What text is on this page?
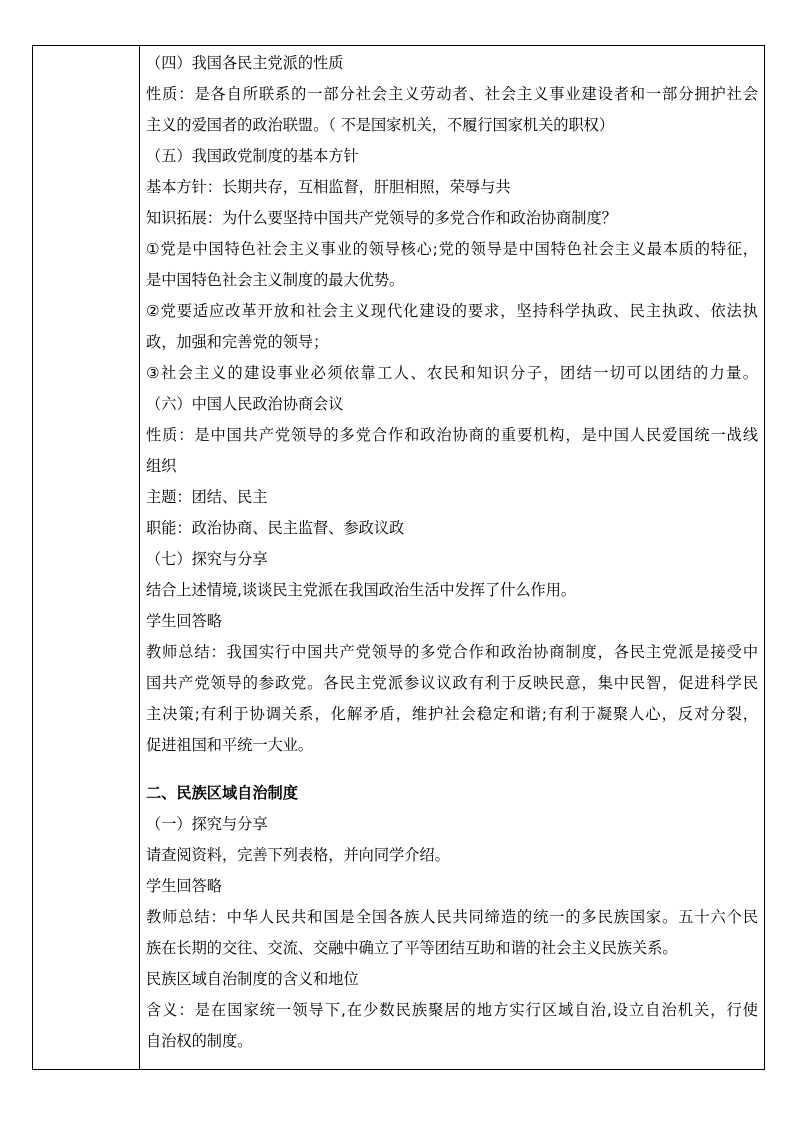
（四）我国各民主党派的性质
性质：是各自所联系的一部分社会主义劳动者、社会主义事业建设者和一部分拥护社会
主义的爱国者的政治联盟。（ 不是国家机关，不履行国家机关的职权）
（五）我国政党制度的基本方针
基本方针：长期共存，互相监督，肝胆相照，荣辱与共
知识拓展：为什么要坚持中国共产党领导的多党合作和政治协商制度？
①党是中国特色社会主义事业的领导核心;党的领导是中国特色社会主义最本质的特征，
是中国特色社会主义制度的最大优势。
②党要适应改革开放和社会主义现代化建设的要求，坚持科学执政、民主执政、依法执
政，加强和完善党的领导；
③社会主义的建设事业必须依靠工人、农民和知识分子，团结一切可以团结的力量。
（六）中国人民政治协商会议
性质：是中国共产党领导的多党合作和政治协商的重要机构，是中国人民爱国统一战线
组织
主题：团结、民主
职能：政治协商、民主监督、参政议政
（七）探究与分享
结合上述情境,谈谈民主党派在我国政治生活中发挥了什么作用。
学生回答略
教师总结：我国实行中国共产党领导的多党合作和政治协商制度，各民主党派是接受中
国共产党领导的参政党。各民主党派参议议政有利于反映民意，集中民智，促进科学民
主决策;有利于协调关系，化解矛盾，维护社会稳定和谐;有利于凝聚人心，反对分裂，
促进祖国和平统一大业。
二、民族区域自治制度
（一）探究与分享
请查阅资料，完善下列表格，并向同学介绍。
学生回答略
教师总结：中华人民共和国是全国各族人民共同缔造的统一的多民族国家。五十六个民
族在长期的交往、交流、交融中确立了平等团结互助和谐的社会主义民族关系。
民族区域自治制度的含义和地位
含义：是在国家统一领导下,在少数民族聚居的地方实行区域自治,设立自治机关，行使
自治权的制度。
